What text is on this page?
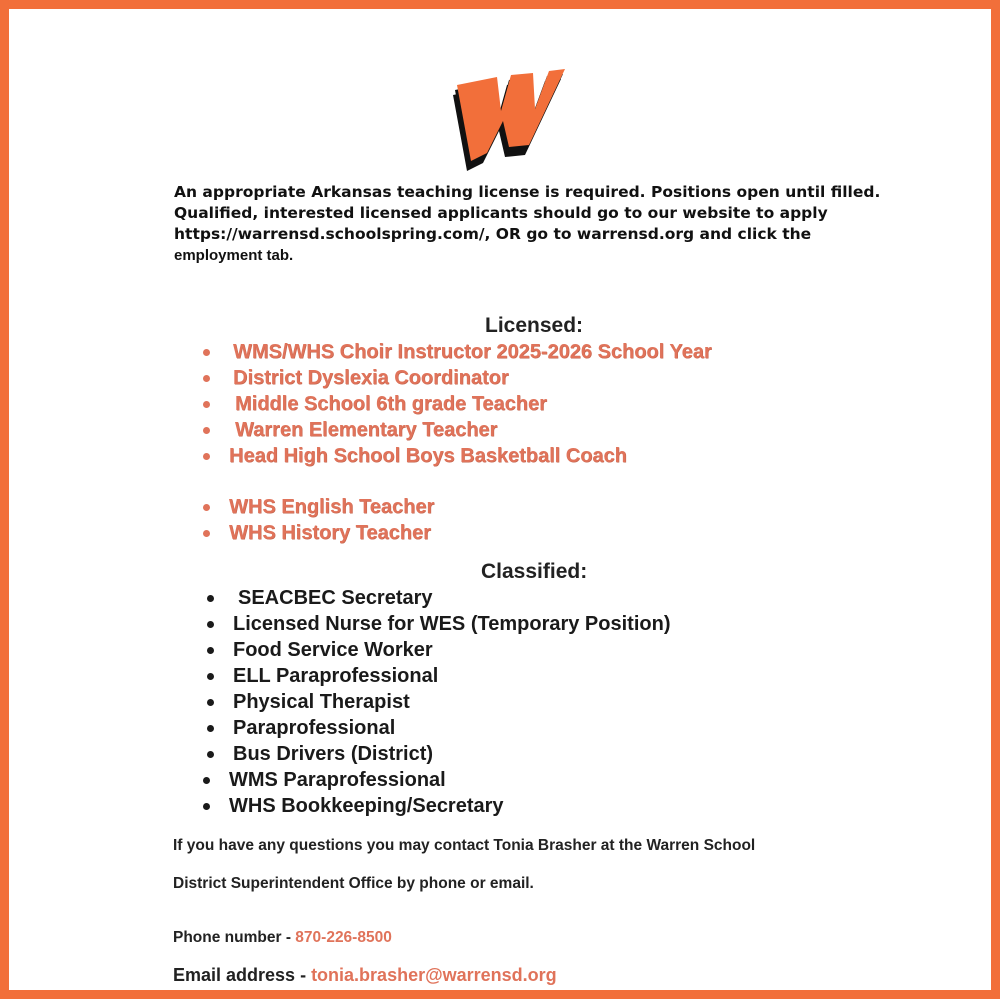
An appropriate Arkansas teaching license is required. Positions open until filled.
Qualified, interested licensed applicants should go to our website to apply
https://warrensd.schoolspring.com/, OR go to warrensd.org and click the
employment tab.
Licensed:
WMS/WHS Choir Instructor 2025-2026 School Year
District Dyslexia Coordinator
Middle School 6th grade Teacher
Warren Elementary Teacher
Head High School Boys Basketball Coach
WHS English Teacher
WHS History Teacher
Classified:
SEACBEC Secretary
Licensed Nurse for WES (Temporary Position)
Food Service Worker
ELL Paraprofessional
Physical Therapist
Paraprofessional
Bus Drivers (District)
WMS Paraprofessional
WHS Bookkeeping/Secretary
If you have any questions you may contact Tonia Brasher at the Warren School
District Superintendent Office by phone or email.
Phone number - 870-226-8500
Email address - tonia.brasher@warrensd.org
